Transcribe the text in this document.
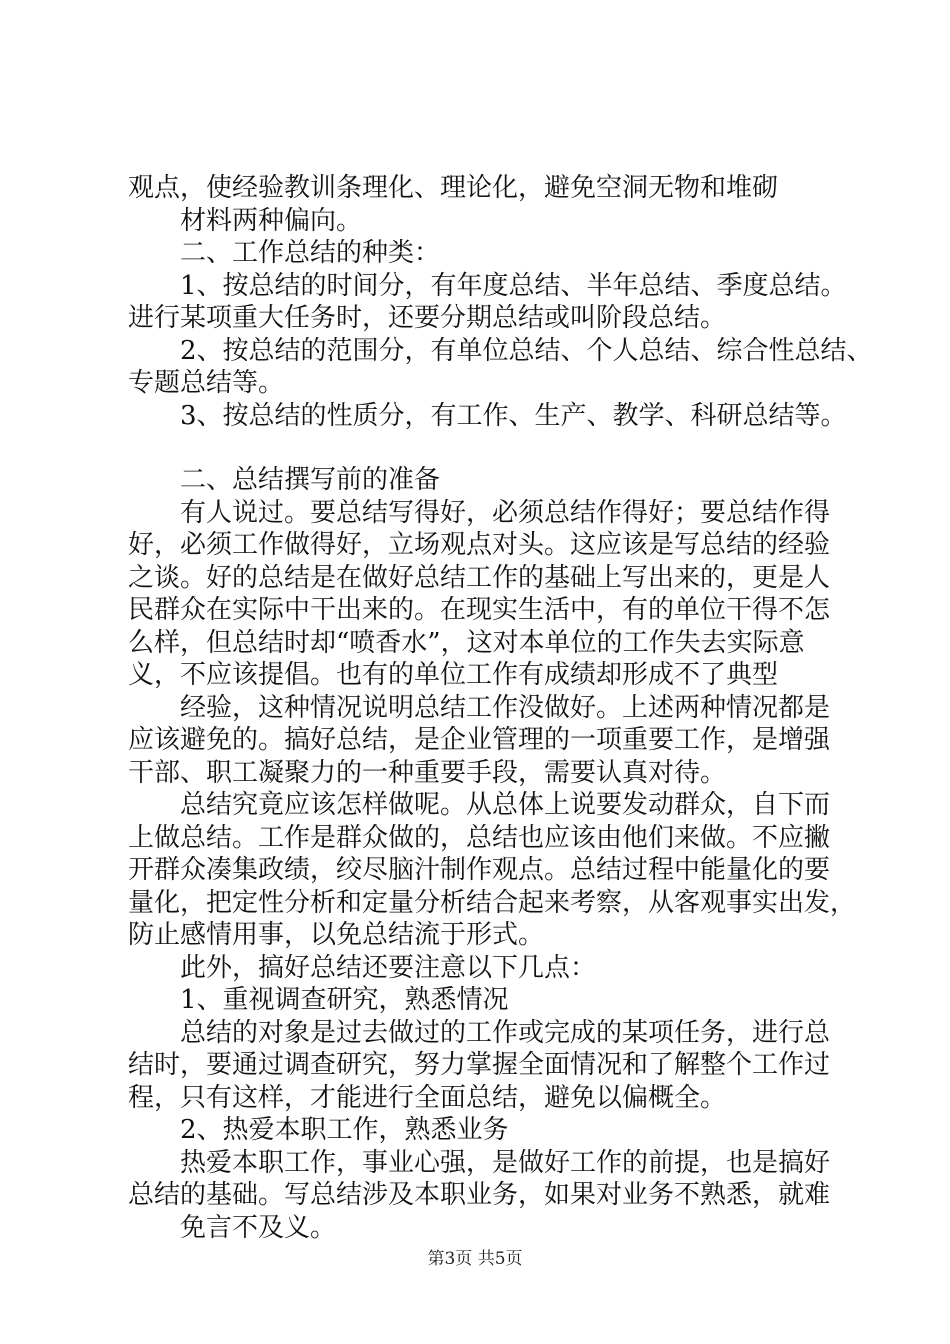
观点，使经验教训条理化、理论化，避免空洞无物和堆砌

材料两种偏向。

二、工作总结的种类：

1、按总结的时间分，有年度总结、半年总结、季度总结。

进行某项重大任务时，还要分期总结或叫阶段总结。

2、按总结的范围分，有单位总结、个人总结、综合性总结、

专题总结等。

3、按总结的性质分，有工作、生产、教学、科研总结等。

二、总结撰写前的准备

有人说过。要总结写得好，必须总结作得好；要总结作得

好，必须工作做得好，立场观点对头。这应该是写总结的经验

之谈。好的总结是在做好总结工作的基础上写出来的，更是人

民群众在实际中干出来的。在现实生活中，有的单位干得不怎

么样，但总结时却“喷香水”，这对本单位的工作失去实际意

义，不应该提倡。也有的单位工作有成绩却形成不了典型

经验，这种情况说明总结工作没做好。上述两种情况都是

应该避免的。搞好总结，是企业管理的一项重要工作，是增强

干部、职工凝聚力的一种重要手段，需要认真对待。

总结究竟应该怎样做呢。从总体上说要发动群众，自下而

上做总结。工作是群众做的，总结也应该由他们来做。不应撇

开群众凑集政绩，绞尽脑汁制作观点。总结过程中能量化的要

量化，把定性分析和定量分析结合起来考察，从客观事实出发，

防止感情用事，以免总结流于形式。

此外，搞好总结还要注意以下几点：

1、重视调查研究，熟悉情况

总结的对象是过去做过的工作或完成的某项任务，进行总

结时，要通过调查研究，努力掌握全面情况和了解整个工作过

程，只有这样，才能进行全面总结，避免以偏概全。

2、热爱本职工作，熟悉业务

热爱本职工作，事业心强，是做好工作的前提，也是搞好

总结的基础。写总结涉及本职业务，如果对业务不熟悉，就难

免言不及义。

第3页 共5页
